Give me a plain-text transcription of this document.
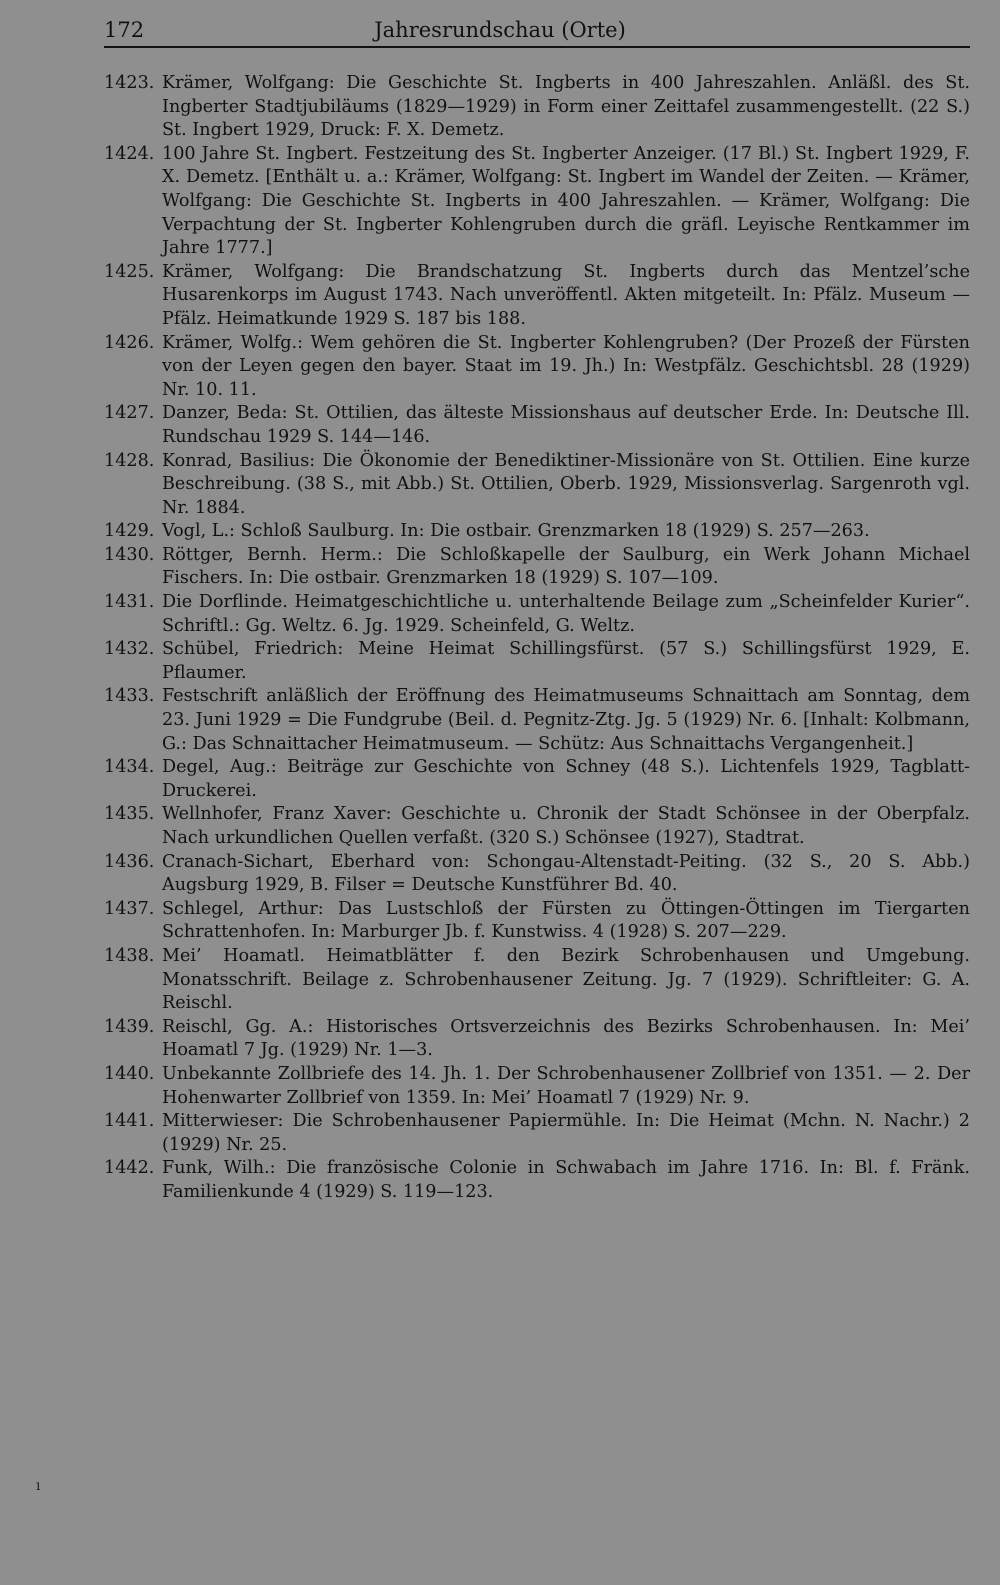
172	Jahresrundschau (Orte)
1423. Krämer, Wolfgang: Die Geschichte St. Ingberts in 400 Jahreszahlen. Anläßl. des St. Ingberter Stadtjubiläums (1829—1929) in Form einer Zeittafel zusammengestellt. (22 S.) St. Ingbert 1929, Druck: F. X. Demetz.
1424. 100 Jahre St. Ingbert. Festzeitung des St. Ingberter Anzeiger. (17 Bl.) St. Ingbert 1929, F. X. Demetz. [Enthält u. a.: Krämer, Wolfgang: St. Ingbert im Wandel der Zeiten. — Krämer, Wolfgang: Die Geschichte St. Ingberts in 400 Jahreszahlen. — Krämer, Wolfgang: Die Verpachtung der St. Ingberter Kohlengruben durch die gräfl. Leyische Rentkammer im Jahre 1777.]
1425. Krämer, Wolfgang: Die Brandschatzung St. Ingberts durch das Mentzel’sche Husarenkorps im August 1743. Nach unveröffentl. Akten mitgeteilt. In: Pfälz. Museum — Pfälz. Heimatkunde 1929 S. 187 bis 188.
1426. Krämer, Wolfg.: Wem gehören die St. Ingberter Kohlengruben? (Der Prozeß der Fürsten von der Leyen gegen den bayer. Staat im 19. Jh.) In: Westpfälz. Geschichtsbl. 28 (1929) Nr. 10. 11.
1427. Danzer, Beda: St. Ottilien, das älteste Missionshaus auf deutscher Erde. In: Deutsche Ill. Rundschau 1929 S. 144—146.
1428. Konrad, Basilius: Die Ökonomie der Benediktiner-Missionäre von St. Ottilien. Eine kurze Beschreibung. (38 S., mit Abb.) St. Ottilien, Oberb. 1929, Missionsverlag. Sargenroth vgl. Nr. 1884.
1429. Vogl, L.: Schloß Saulburg. In: Die ostbair. Grenzmarken 18 (1929) S. 257—263.
1430. Röttger, Bernh. Herm.: Die Schloßkapelle der Saulburg, ein Werk Johann Michael Fischers. In: Die ostbair. Grenzmarken 18 (1929) S. 107—109.
1431. Die Dorflinde. Heimatgeschichtliche u. unterhaltende Beilage zum „Scheinfelder Kurier“. Schriftl.: Gg. Weltz. 6. Jg. 1929. Scheinfeld, G. Weltz.
1432. Schübel, Friedrich: Meine Heimat Schillingsfürst. (57 S.) Schillingsfürst 1929, E. Pflaumer.
1433. Festschrift anläßlich der Eröffnung des Heimatmuseums Schnaittach am Sonntag, dem 23. Juni 1929 = Die Fundgrube (Beil. d. Pegnitz-Ztg. Jg. 5 (1929) Nr. 6. [Inhalt: Kolbmann, G.: Das Schnaittacher Heimatmuseum. — Schütz: Aus Schnaittachs Vergangenheit.]
1434. Degel, Aug.: Beiträge zur Geschichte von Schney (48 S.). Lichtenfels 1929, Tagblatt-Druckerei.
1435. Wellnhofer, Franz Xaver: Geschichte u. Chronik der Stadt Schönsee in der Oberpfalz. Nach urkundlichen Quellen verfaßt. (320 S.) Schönsee (1927), Stadtrat.
1436. Cranach-Sichart, Eberhard von: Schongau-Altenstadt-Peiting. (32 S., 20 S. Abb.) Augsburg 1929, B. Filser = Deutsche Kunstführer Bd. 40.
1437. Schlegel, Arthur: Das Lustschloß der Fürsten zu Öttingen-Öttingen im Tiergarten Schrattenhofen. In: Marburger Jb. f. Kunstwiss. 4 (1928) S. 207—229.
1438. Mei’ Hoamatl. Heimatblätter f. den Bezirk Schrobenhausen und Umgebung. Monatsschrift. Beilage z. Schrobenhausener Zeitung. Jg. 7 (1929). Schriftleiter: G. A. Reischl.
1439. Reischl, Gg. A.: Historisches Ortsverzeichnis des Bezirks Schrobenhausen. In: Mei’ Hoamatl 7 Jg. (1929) Nr. 1—3.
1440. Unbekannte Zollbriefe des 14. Jh. 1. Der Schrobenhausener Zollbrief von 1351. — 2. Der Hohenwarter Zollbrief von 1359. In: Mei’ Hoamatl 7 (1929) Nr. 9.
1441. Mitterwieser: Die Schrobenhausener Papiermühle. In: Die Heimat (Mchn. N. Nachr.) 2 (1929) Nr. 25.
1442. Funk, Wilh.: Die französische Colonie in Schwabach im Jahre 1716. In: Bl. f. Fränk. Familienkunde 4 (1929) S. 119—123.
ı
